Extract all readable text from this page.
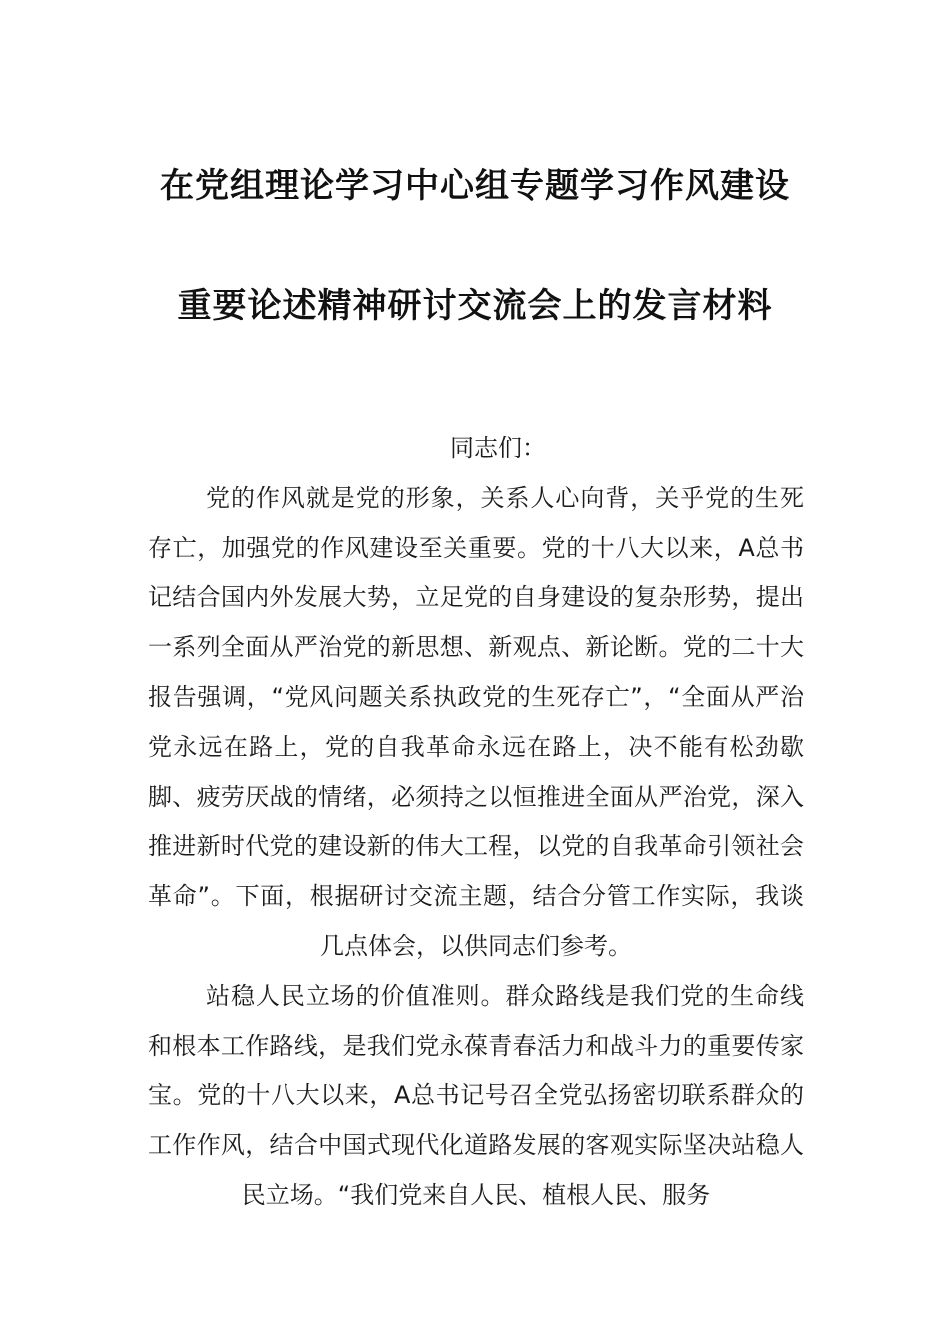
在党组理论学习中心组专题学习作风建设
重要论述精神研讨交流会上的发言材料

同志们：

党的作风就是党的形象，关系人心向背，关乎党的生死存亡，加强党的作风建设至关重要。党的十八大以来，A总书记结合国内外发展大势，立足党的自身建设的复杂形势，提出一系列全面从严治党的新思想、新观点、新论断。党的二十大报告强调，“党风问题关系执政党的生死存亡”，“全面从严治党永远在路上，党的自我革命永远在路上，决不能有松劲歇脚、疲劳厌战的情绪，必须持之以恒推进全面从严治党，深入推进新时代党的建设新的伟大工程，以党的自我革命引领社会革命”。下面，根据研讨交流主题，结合分管工作实际，我谈几点体会，以供同志们参考。

站稳人民立场的价值准则。群众路线是我们党的生命线和根本工作路线，是我们党永葆青春活力和战斗力的重要传家宝。党的十八大以来，A总书记号召全党弘扬密切联系群众的工作作风，结合中国式现代化道路发展的客观实际坚决站稳人民立场。“我们党来自人民、植根人民、服务
